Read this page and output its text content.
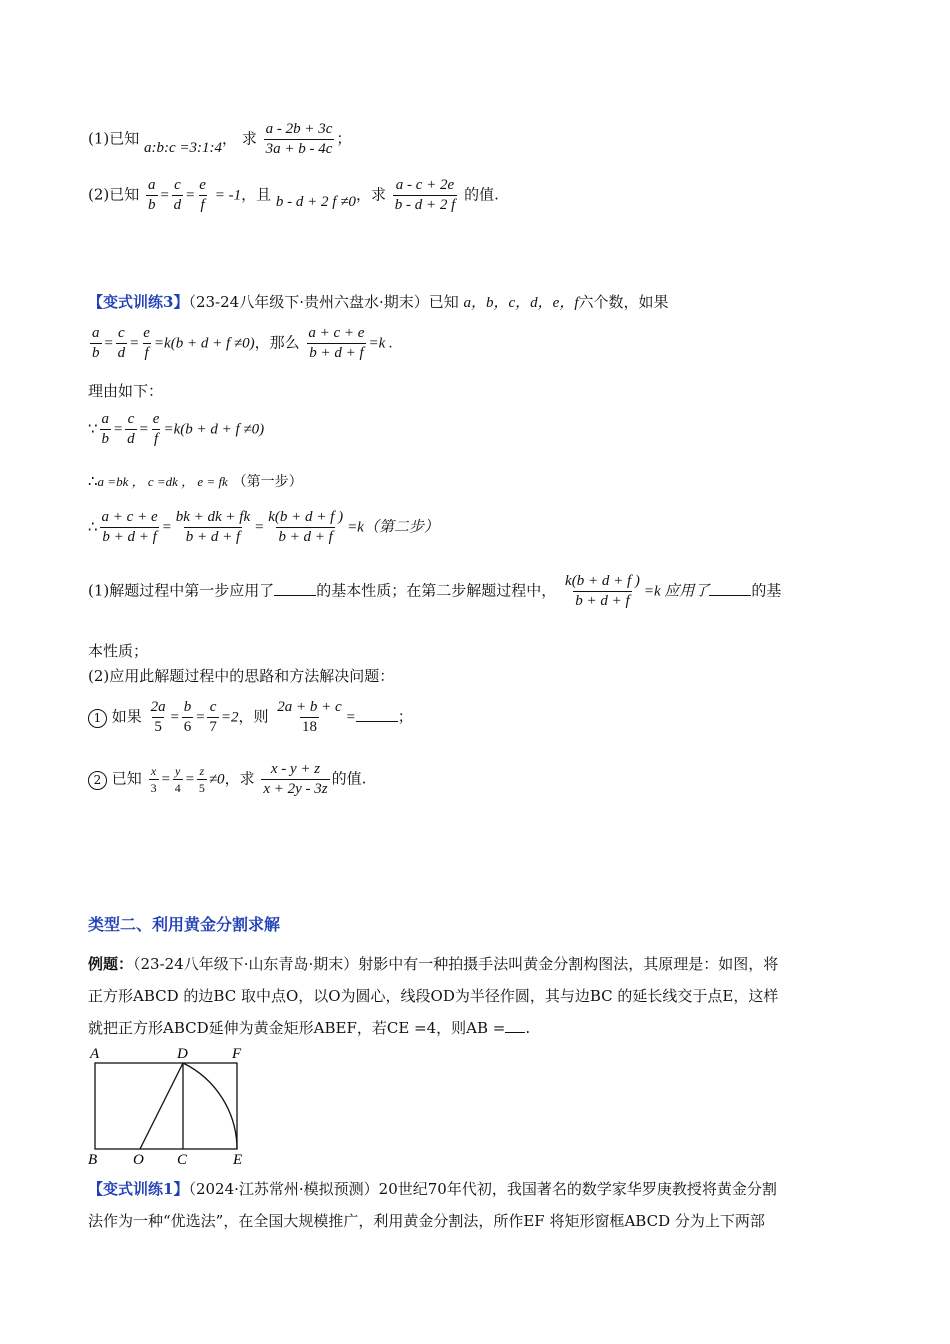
(1)已知 a:b:c =3:1:4， 求 $\frac{a - 2b + 3c}{3a + b - 4c}$ ；
(2)已知 $\frac{a}{b} = \frac{c}{d} = \frac{e}{f} = -1$，且 b - d + 2 f ≠0，求 $\frac{a - c + 2e}{b - d + 2 f}$ 的值.
【变式训练3】（23-24八年级下·贵州六盘水·期末）已知 a，b，c，d，e，f六个数，如果
$\frac{a}{b} = \frac{c}{d} = \frac{e}{f} =k(b + d + f \ne 0)$，那么 $\frac{a + c + e}{b + d + f} =k$ .
理由如下：
∵ $\frac{a}{b} = \frac{c}{d} = \frac{e}{f} =k(b + d + f \ne 0)$
∴a =bk ， c =dk ， e = fk （第一步）
∴ $\frac{a + c + e}{b + d + f} = \frac{bk + dk + fk}{b + d + f} = \frac{k(b + d + f )}{b + d + f} =k$（第二步）
(1)解题过程中第一步应用了	的基本性质；在第二步解题过程中， $\frac{k(b + d + f )}{b + d + f} =k$ 应用了	的基
本性质；
(2)应用此解题过程中的思路和方法解决问题：
1 如果 $\frac{2a}{5} = \frac{b}{6} = \frac{c}{7} =2$，则 $\frac{2a + b + c}{18}$ =	；
2 已知 $\frac{x}{3} = \frac{y}{4} = \frac{z}{5} \ne 0$，求 $\frac{x - y + z}{x + 2y - 3z}$ 的值.
类型二、利用黄金分割求解
例题：（23-24八年级下·山东青岛·期末）射影中有一种拍摄手法叫黄金分割构图法，其原理是：如图，将
正方形ABCD 的边BC 取中点O，以O为圆心，线段OD为半径作圆，其与边BC 的延长线交于点E，这样
就把正方形ABCD延伸为黄金矩形ABEF，若CE =4，则AB = .
A	D	F
B O C	E
【变式训练1】（2024·江苏常州·模拟预测）20世纪70年代初，我国著名的数学家华罗庚教授将黄金分割
法作为一种“优选法”，在全国大规模推广，利用黄金分割法，所作EF 将矩形窗框ABCD 分为上下两部
